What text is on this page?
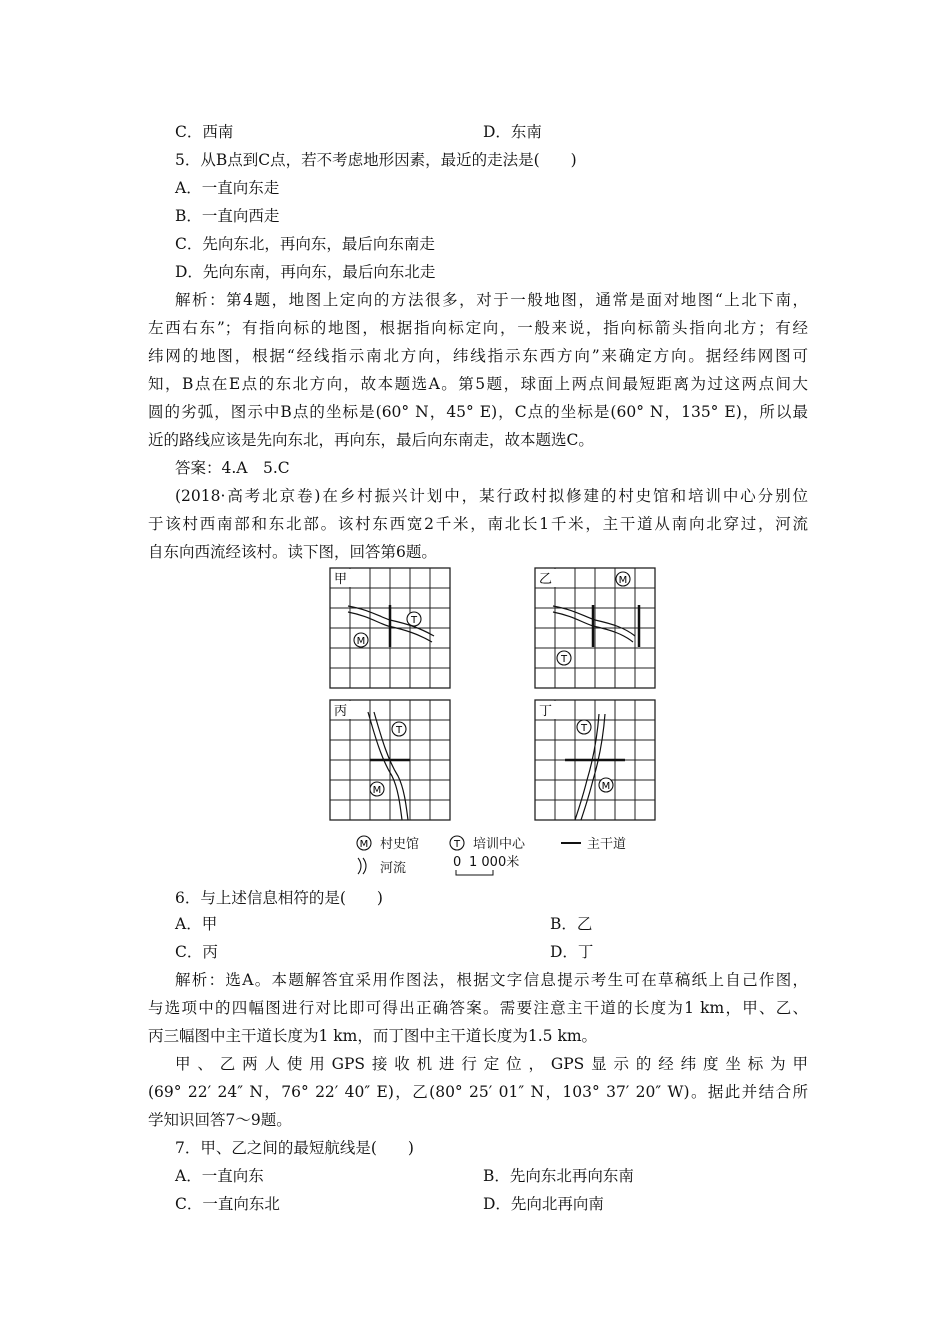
C．西南	D．东南
5．从B点到C点，若不考虑地形因素，最近的走法是(　　)
A．一直向东走
B．一直向西走
C．先向东北，再向东，最后向东南走
D．先向东南，再向东，最后向东北走
解析：第4题，地图上定向的方法很多，对于一般地图，通常是面对地图“上北下南，
左西右东”；有指向标的地图，根据指向标定向，一般来说，指向标箭头指向北方；有经
纬网的地图，根据“经线指示南北方向，纬线指示东西方向”来确定方向。据经纬网图可
知，B点在E点的东北方向，故本题选A。第5题，球面上两点间最短距离为过这两点间大
圆的劣弧，图示中B点的坐标是(60° N，45° E)，C点的坐标是(60° N，135° E)，所以最
近的路线应该是先向东北，再向东，最后向东南走，故本题选C。
答案：4.A　5.C
(2018·高考北京卷)在乡村振兴计划中，某行政村拟修建的村史馆和培训中心分别位
于该村西南部和东北部。该村东西宽2千米，南北长1千米，主干道从南向北穿过，河流
自东向西流经该村。读下图，回答第6题。
甲
T
M
乙	M
T
丙
T
M
丁
T
M
M 村史馆	T 培训中心	主干道
河流	0 1 000米
6．与上述信息相符的是(　　)
A．甲	B．乙
C．丙	D．丁
解析：选A。本题解答宜采用作图法，根据文字信息提示考生可在草稿纸上自己作图，
与选项中的四幅图进行对比即可得出正确答案。需要注意主干道的长度为1 km，甲、乙、
丙三幅图中主干道长度为1 km，而丁图中主干道长度为1.5 km。
甲、乙两人使用GPS接收机进行定位，GPS显示的经纬度坐标为甲
(69° 22′ 24″ N，76° 22′ 40″ E)，乙(80° 25′ 01″ N，103° 37′ 20″ W)。据此并结合所
学知识回答7～9题。
7．甲、乙之间的最短航线是(　　)
A．一直向东	B．先向东北再向东南
C．一直向东北	D．先向北再向南
